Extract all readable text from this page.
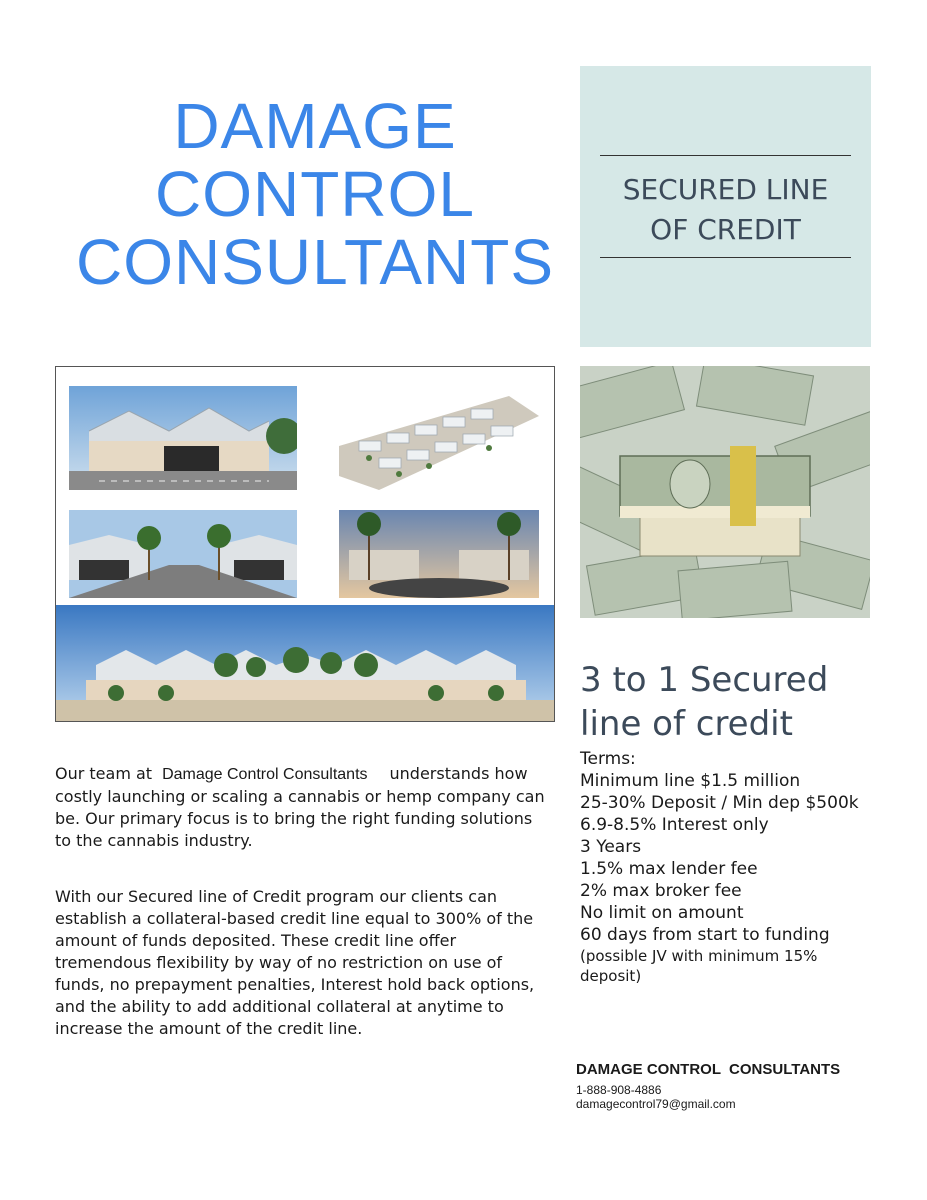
DAMAGE
CONTROL
CONSULTANTS
SECURED LINE
OF CREDIT
3 to 1 Secured
line of credit
Terms:
Minimum line $1.5 million
25-30% Deposit / Min dep $500k
6.9-8.5% Interest only
3 Years
1.5% max lender fee
2% max broker fee
No limit on amount
60 days from start to funding
(possible JV with minimum 15%
deposit)
Our team at Damage Control Consultants understands how costly launching or scaling a cannabis or hemp company can be. Our primary focus is to bring the right funding solutions to the cannabis industry.
With our Secured line of Credit program our clients can establish a collateral-based credit line equal to 300% of the amount of funds deposited. These credit line offer tremendous flexibility by way of no restriction on use of funds, no prepayment penalties, Interest hold back options, and the ability to add additional collateral at anytime to increase the amount of the credit line.
DAMAGE CONTROL  CONSULTANTS
1-888-908-4886
damagecontrol79@gmail.com
